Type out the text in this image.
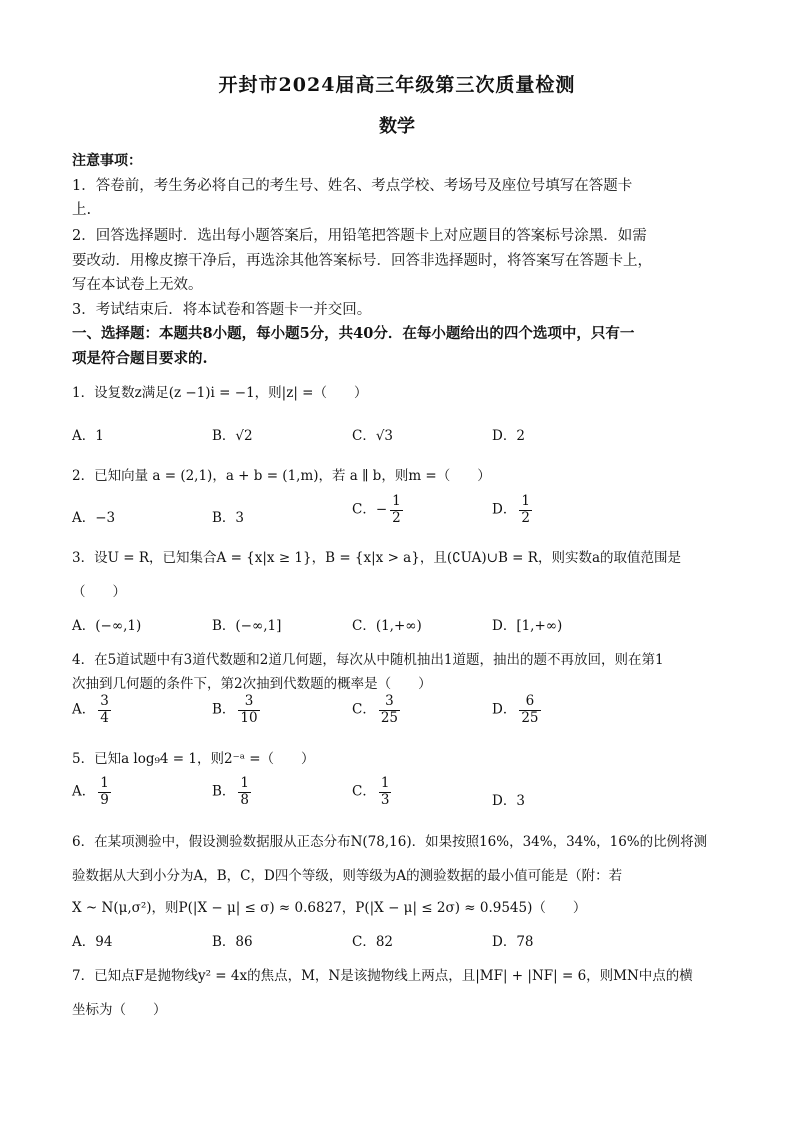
开封市2024届高三年级第三次质量检测
数学
注意事项：
1．答卷前，考生务必将自己的考生号、姓名、考点学校、考场号及座位号填写在答题卡
上.
2．回答选择题时．选出每小题答案后，用铅笔把答题卡上对应题目的答案标号涂黑．如需
要改动．用橡皮擦干净后，再选涂其他答案标号．回答非选择题时，将答案写在答题卡上，
写在本试卷上无效。
3．考试结束后．将本试卷和答题卡一并交回。
一、选择题：本题共8小题，每小题5分，共40分．在每小题给出的四个选项中，只有一
项是符合题目要求的.
1．设复数z满足(z −1)i = −1，则|z| =（　　）
A．1	B．√2	C．√3	D．2
2．已知向量 a = (2,1)，a + b = (1,m)，若 a ∥ b，则m =（　　）
A．−3	B．3
C．− $\frac{1}{2}$	D． $\frac{1}{2}$
3．设U = R，已知集合A = {x|x ≥ 1}，B = {x|x > a}，且(∁UA)∪B = R，则实数a的取值范围是
（　　）
A．(−∞,1)	B．(−∞,1]	C．(1,+∞)	D．[1,+∞)
4．在5道试题中有3道代数题和2道几何题，每次从中随机抽出1道题，抽出的题不再放回，则在第1
次抽到几何题的条件下，第2次抽到代数题的概率是（　　）
A． $\frac{3}{4}$	B． $\frac{3}{10}$	C． $\frac{3}{25}$	D． $\frac{6}{25}$
5．已知a log₉4 = 1，则2⁻ᵃ =（　　）
A． $\frac{1}{9}$	B． $\frac{1}{8}$	C． $\frac{1}{3}$	D．3
6．在某项测验中，假设测验数据服从正态分布N(78,16)．如果按照16%，34%，34%，16%的比例将测
验数据从大到小分为A，B，C，D四个等级，则等级为A的测验数据的最小值可能是（附：若
X ~ N(μ,σ²)，则P(|X − μ| ≤ σ) ≈ 0.6827，P(|X − μ| ≤ 2σ) ≈ 0.9545)（　　）
A．94	B．86	C．82	D．78
7．已知点F是抛物线y² = 4x的焦点，M，N是该抛物线上两点，且|MF| + |NF| = 6，则MN中点的横
坐标为（　　）
